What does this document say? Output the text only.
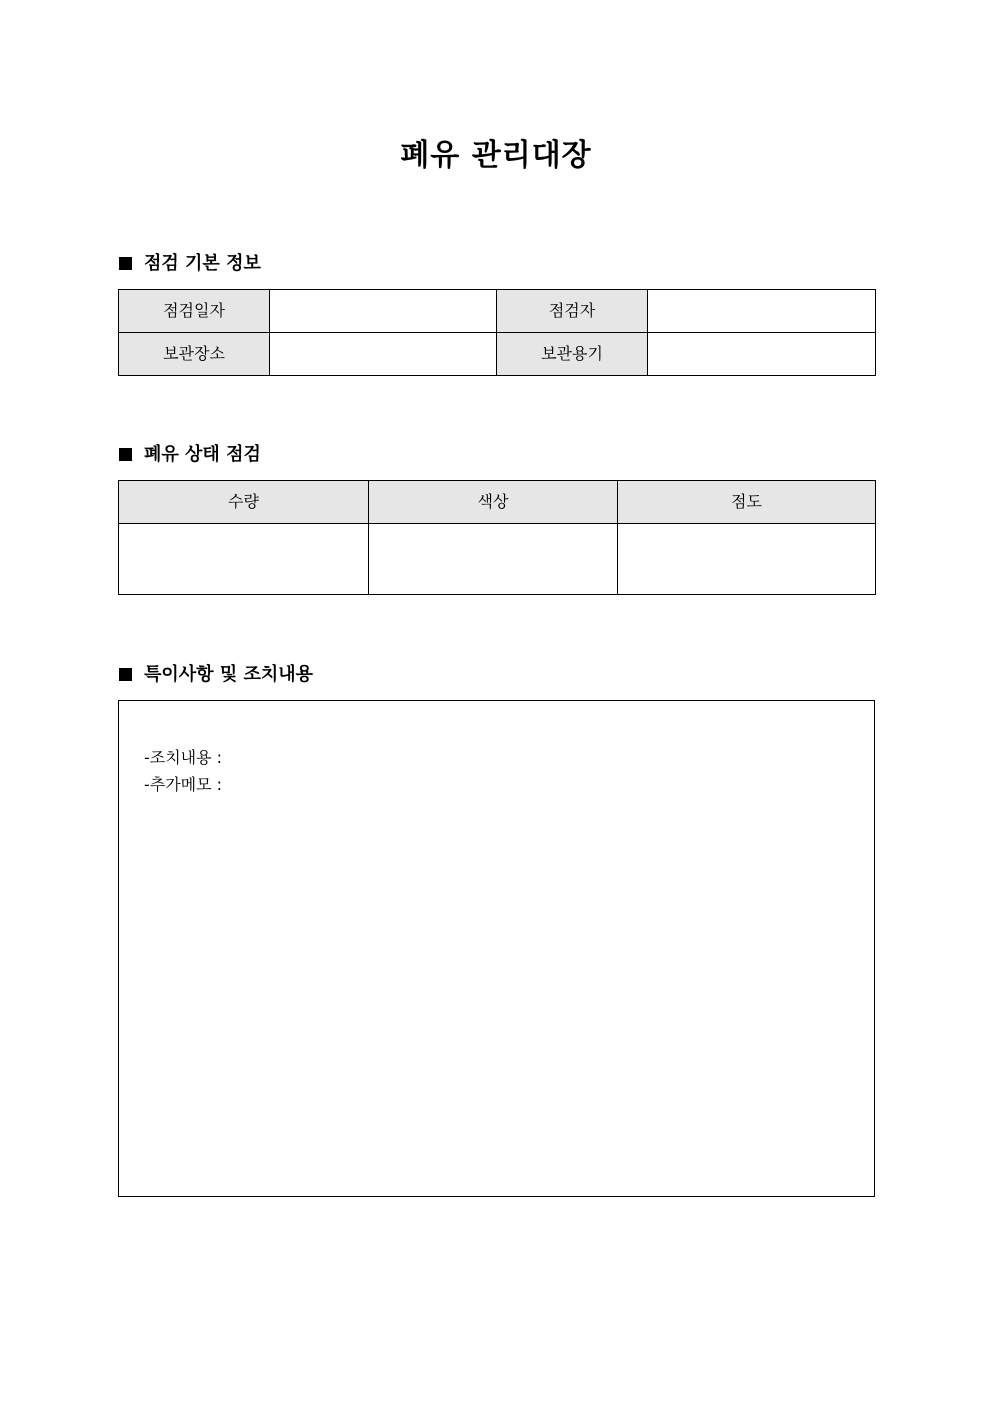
폐유 관리대장
점검 기본 정보
점검일자		점검자	
보관장소		보관용기	
폐유 상태 점검
수량	색상	점도

특이사항 및 조치내용
-조치내용 :
-추가메모 :
